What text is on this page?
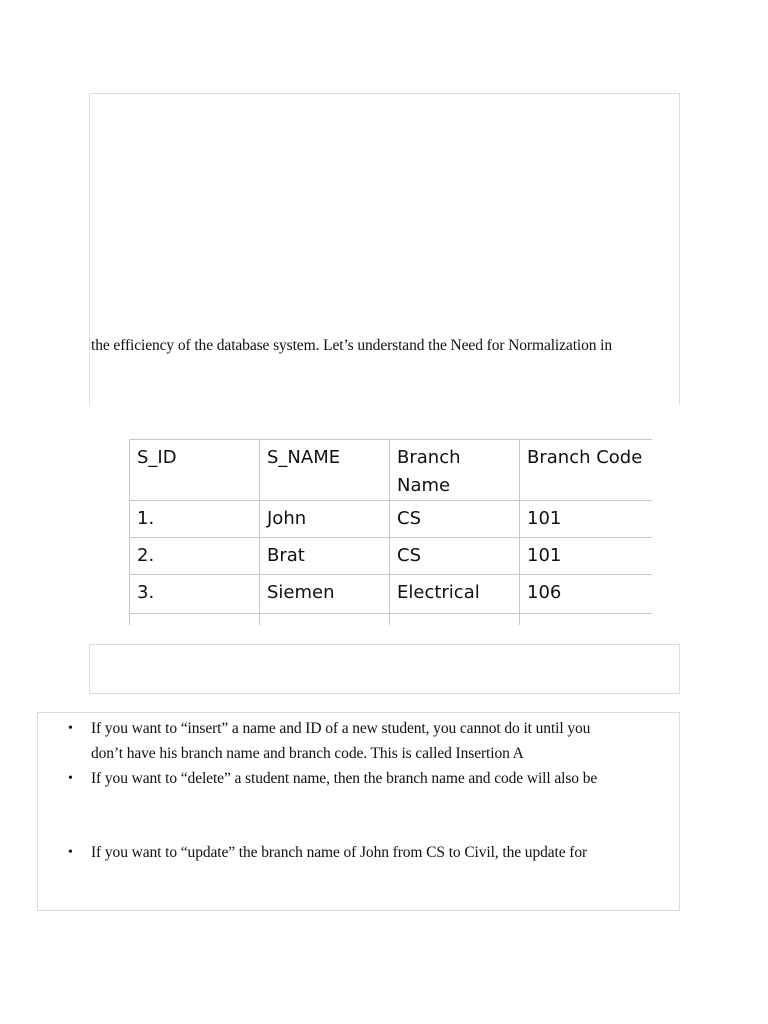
the efficiency of the database system. Let’s understand the Need for Normalization in
S_ID	S_NAME	Branch Name	Branch Code
1.	John	CS	101
2.	Brat	CS	101
3.	Siemen	Electrical	106

• If you want to “insert” a name and ID of a new student, you cannot do it until you
don’t have his branch name and branch code. This is called Insertion A
• If you want to “delete” a student name, then the branch name and code will also be
• If you want to “update” the branch name of John from CS to Civil, the update for
